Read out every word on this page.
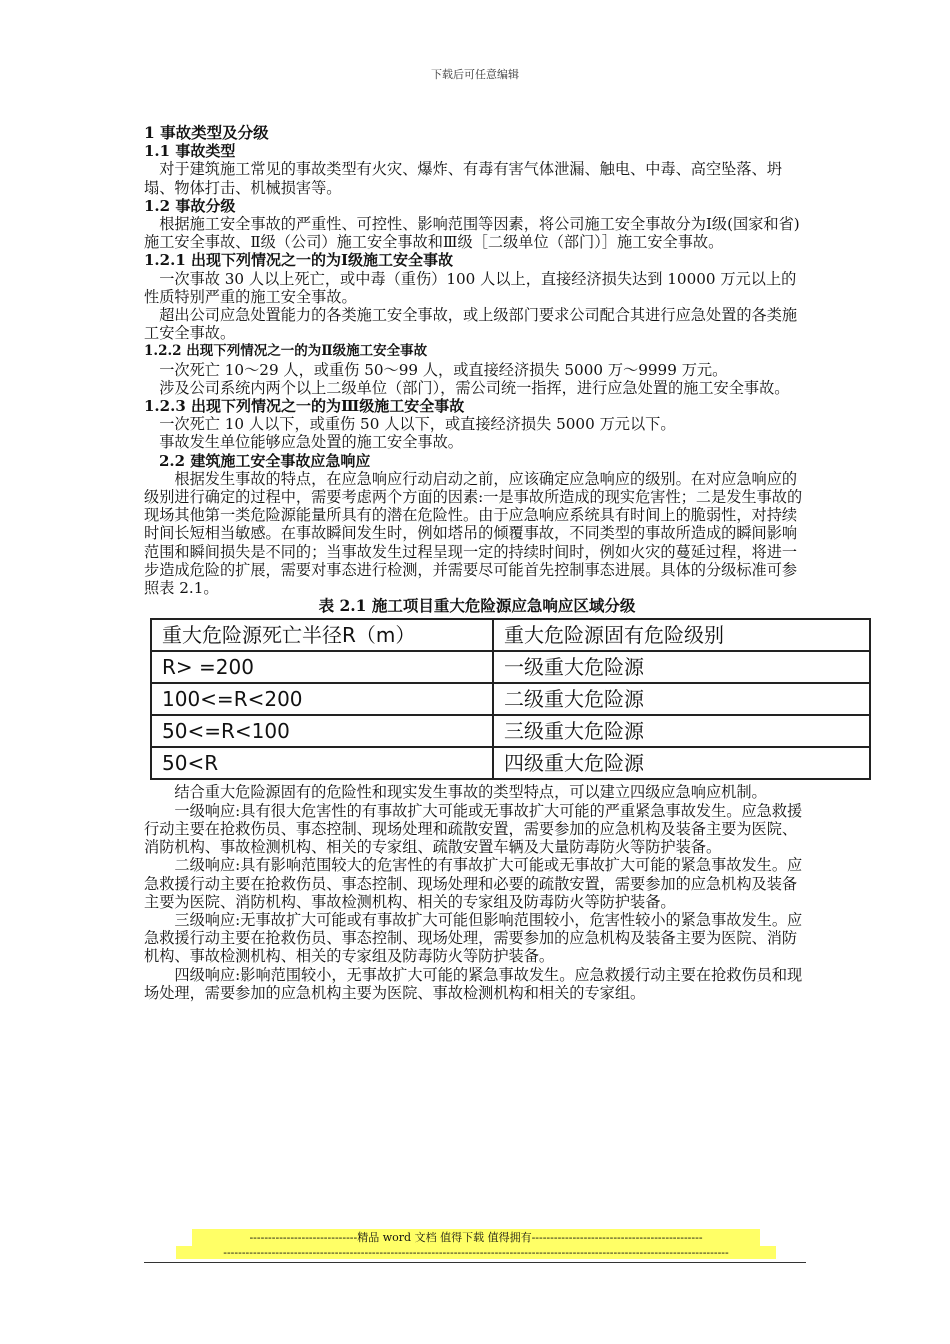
下载后可任意编辑

1 事故类型及分级

1.1 事故类型

对于建筑施工常见的事故类型有火灾、爆炸、有毒有害气体泄漏、触电、中毒、高空坠落、坍塌、物体打击、机械损害等。

1.2 事故分级

根据施工安全事故的严重性、可控性、影响范围等因素，将公司施工安全事故分为Ⅰ级(国家和省)施工安全事故、Ⅱ级（公司）施工安全事故和Ⅲ级［二级单位（部门）］施工安全事故。

1.2.1 出现下列情况之一的为Ⅰ级施工安全事故

一次事故 30 人以上死亡，或中毒（重伤）100 人以上，直接经济损失达到 10000 万元以上的性质特别严重的施工安全事故。

超出公司应急处置能力的各类施工安全事故，或上级部门要求公司配合其进行应急处置的各类施工安全事故。

1.2.2 出现下列情况之一的为Ⅱ级施工安全事故

一次死亡 10～29 人，或重伤 50～99 人，或直接经济损失 5000 万～9999 万元。

涉及公司系统内两个以上二级单位（部门），需公司统一指挥，进行应急处置的施工安全事故。

1.2.3 出现下列情况之一的为Ⅲ级施工安全事故

一次死亡 10 人以下，或重伤 50 人以下，或直接经济损失 5000 万元以下。

事故发生单位能够应急处置的施工安全事故。

2.2 建筑施工安全事故应急响应

根据发生事故的特点，在应急响应行动启动之前，应该确定应急响应的级别。在对应急响应的级别进行确定的过程中，需要考虑两个方面的因素:一是事故所造成的现实危害性；二是发生事故的现场其他第一类危险源能量所具有的潜在危险性。由于应急响应系统具有时间上的脆弱性，对持续时间长短相当敏感。在事故瞬间发生时，例如塔吊的倾覆事故，不同类型的事故所造成的瞬间影响范围和瞬间损失是不同的；当事故发生过程呈现一定的持续时间时，例如火灾的蔓延过程，将进一步造成危险的扩展，需要对事态进行检测，并需要尽可能首先控制事态进展。具体的分级标准可参照表 2.1。

表 2.1 施工项目重大危险源应急响应区域分级

重大危险源死亡半径R（m）	重大危险源固有危险级别
R> =200	一级重大危险源
100<=R<200	二级重大危险源
50<=R<100	三级重大危险源
50<R	四级重大危险源

结合重大危险源固有的危险性和现实发生事故的类型特点，可以建立四级应急响应机制。

一级响应:具有很大危害性的有事故扩大可能或无事故扩大可能的严重紧急事故发生。应急救援行动主要在抢救伤员、事态控制、现场处理和疏散安置，需要参加的应急机构及装备主要为医院、消防机构、事故检测机构、相关的专家组、疏散安置车辆及大量防毒防火等防护装备。

二级响应:具有影响范围较大的危害性的有事故扩大可能或无事故扩大可能的紧急事故发生。应急救援行动主要在抢救伤员、事态控制、现场处理和必要的疏散安置，需要参加的应急机构及装备主要为医院、消防机构、事故检测机构、相关的专家组及防毒防火等防护装备。

三级响应:无事故扩大可能或有事故扩大可能但影响范围较小，危害性较小的紧急事故发生。应急救援行动主要在抢救伤员、事态控制、现场处理，需要参加的应急机构及装备主要为医院、消防机构、事故检测机构、相关的专家组及防毒防火等防护装备。

四级响应:影响范围较小，无事故扩大可能的紧急事故发生。应急救援行动主要在抢救伤员和现场处理，需要参加的应急机构主要为医院、事故检测机构和相关的专家组。

-----------------------------精品 word 文档 值得下载 值得拥有----------------------------------------------
----------------------------------------------------------------------------------------------------------------------------------------
